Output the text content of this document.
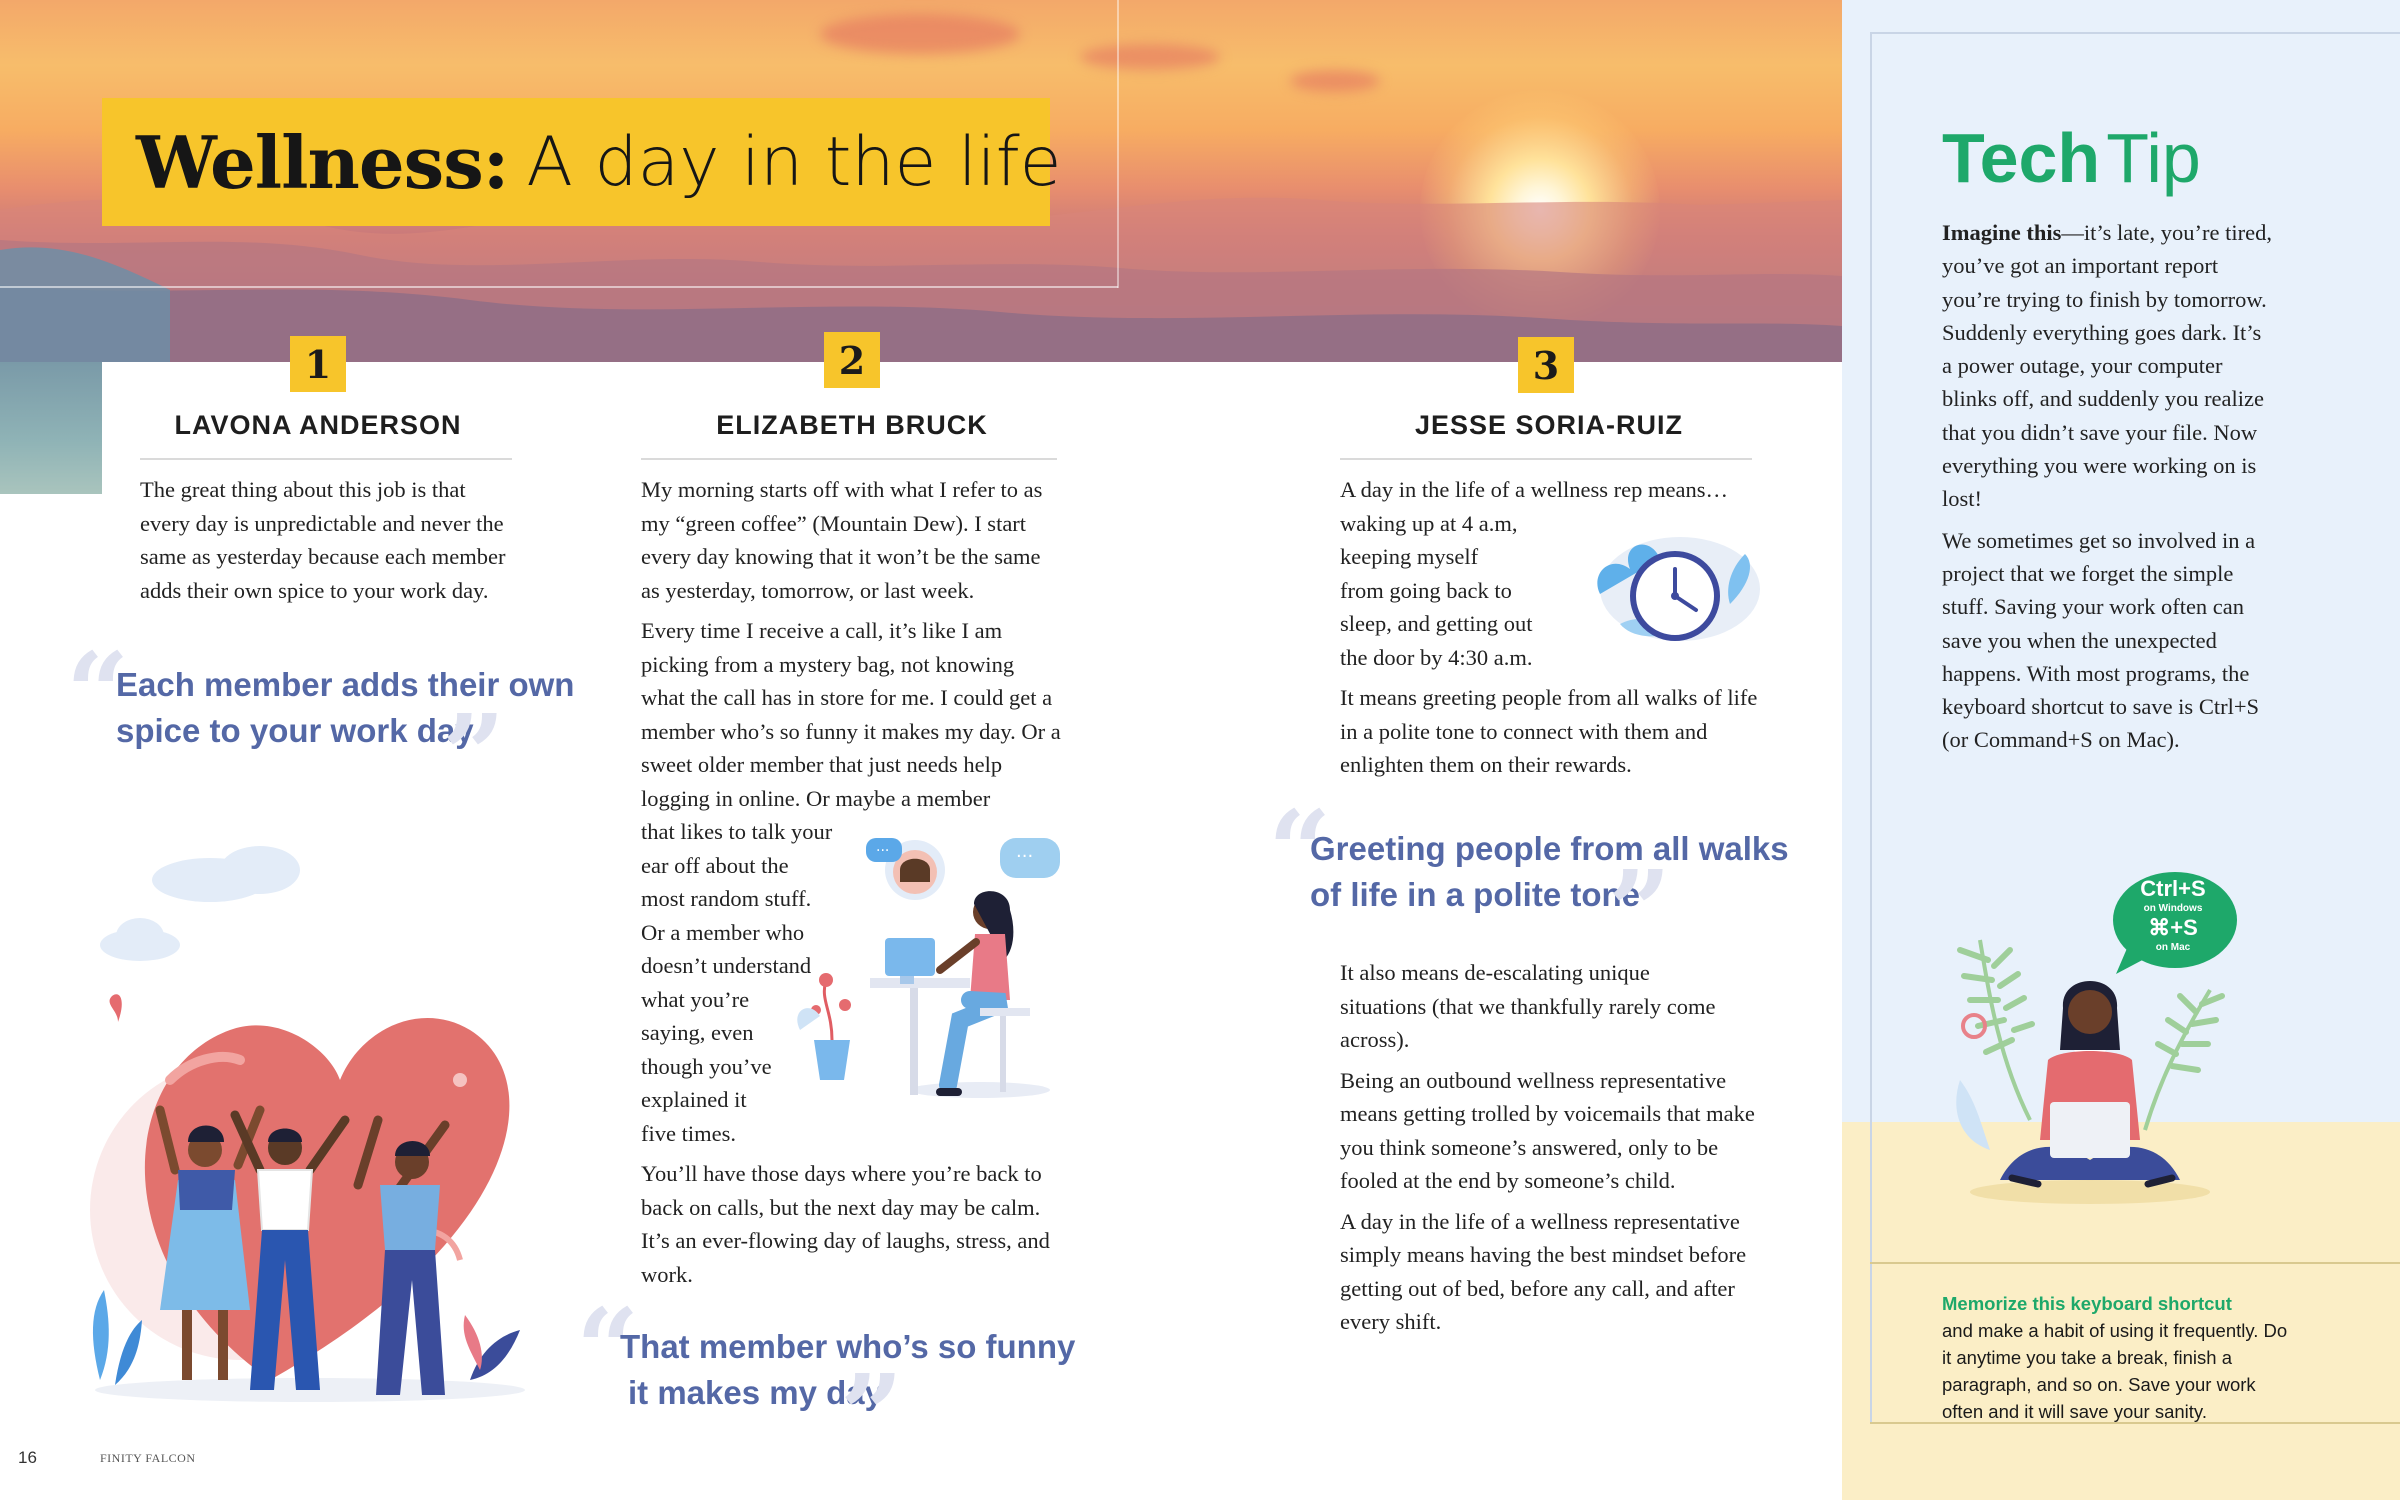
Wellness: A day in the life
1
LAVONA ANDERSON

The great thing about this job is that every day is unpredictable and never the same as yesterday because each member adds their own spice to your work day.

“
Each member adds their own
spice to your work day
”
2
ELIZABETH BRUCK

My morning starts off with what I refer to as my “green coffee” (Mountain Dew). I start every day knowing that it won’t be the same as yesterday, tomorrow, or last week.

Every time I receive a call, it’s like I am picking from a mystery bag, not knowing what the call has in store for me. I could get a member who’s so funny it makes my day. Or a sweet older member that just needs help logging in online. Or maybe a member

that likes to talk your
ear off about the
most random stuff.
Or a member who
doesn’t understand
what you’re
saying, even
though you’ve
explained it
five times.

You’ll have those days where you’re back to back on calls, but the next day may be calm. It’s an ever-flowing day of laughs, stress, and work.

···	···
“
That member who’s so funny
it makes my day
”
3
JESSE SORIA-RUIZ
A day in the life of a wellness rep means…
waking up at 4 a.m,
keeping myself
from going back to
sleep, and getting out
the door by 4:30 a.m.

It means greeting people from all walks of life in a polite tone to connect with them and enlighten them on their rewards.

“
Greeting people from all walks
of life in a polite tone
”

It also means de-escalating unique situations (that we thankfully rarely come across).

Being an outbound wellness representative means getting trolled by voicemails that make you think someone’s answered, only to be fooled at the end by someone’s child.

A day in the life of a wellness representative simply means having the best mindset before getting out of bed, before any call, and after every shift.

16	FINITY FALCON
TechTip

Imagine this—it’s late, you’re tired, you’ve got an important report you’re trying to finish by tomorrow. Suddenly everything goes dark. It’s a power outage, your computer blinks off, and suddenly you realize that you didn’t save your file. Now everything you were working on is lost!

We sometimes get so involved in a project that we forget the simple stuff. Saving your work often can save you when the unexpected happens. With most programs, the keyboard shortcut to save is Ctrl+S (or Command+S on Mac).

Ctrl+S
on Windows
⌘+S
on Mac
Memorize this keyboard shortcut
and make a habit of using it frequently. Do it anytime you take a break, finish a paragraph, and so on. Save your work often and it will save your sanity.
